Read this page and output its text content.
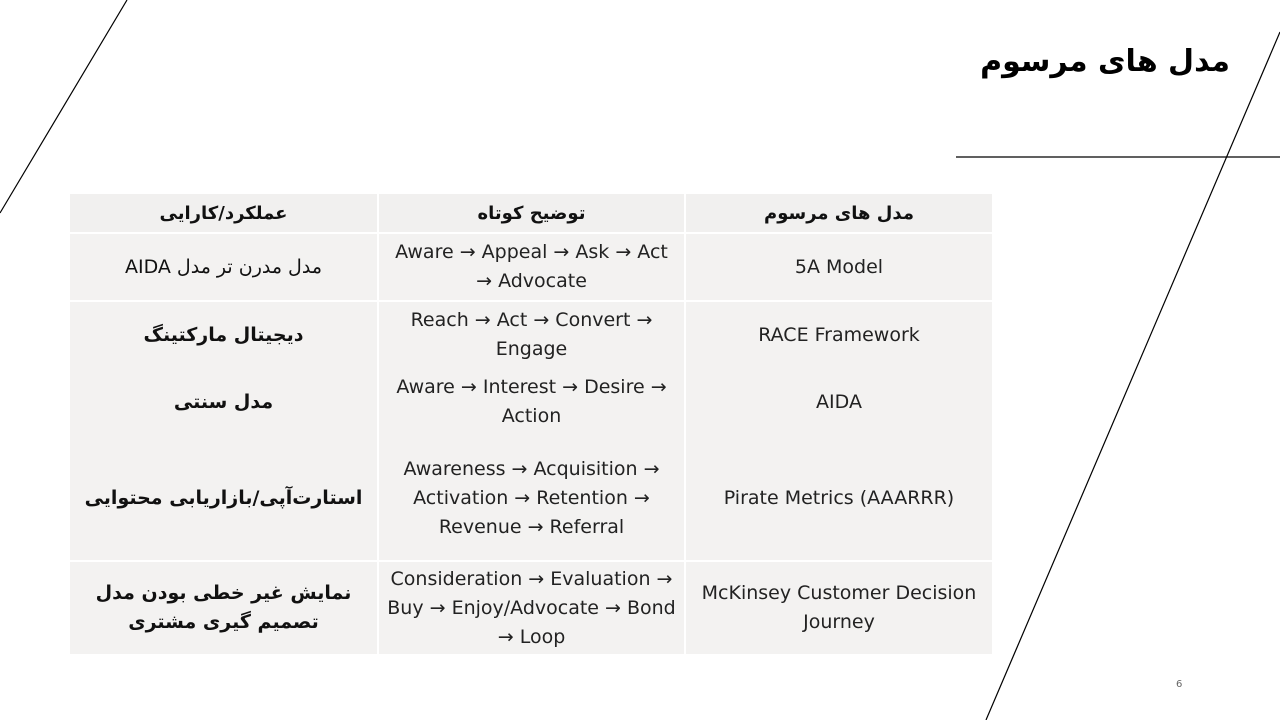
مدل های مرسوم
عملکرد/کارایی	توضیح کوتاه	مدل های مرسوم
مدل مدرن تر مدل AIDA	Aware → Appeal → Ask → Act → Advocate	5A Model
دیجیتال مارکتینگ	Reach → Act → Convert → Engage	RACE Framework
مدل سنتی	Aware → Interest → Desire → Action	AIDA
استارت‌آپی/بازاریابی محتوایی	Awareness → Acquisition → Activation → Retention → Revenue → Referral	Pirate Metrics (AAARRR)
نمایش غیر خطی بودن مدل تصمیم گیری مشتری	Consideration → Evaluation → Buy → Enjoy/Advocate → Bond → Loop	McKinsey Customer Decision Journey
6
